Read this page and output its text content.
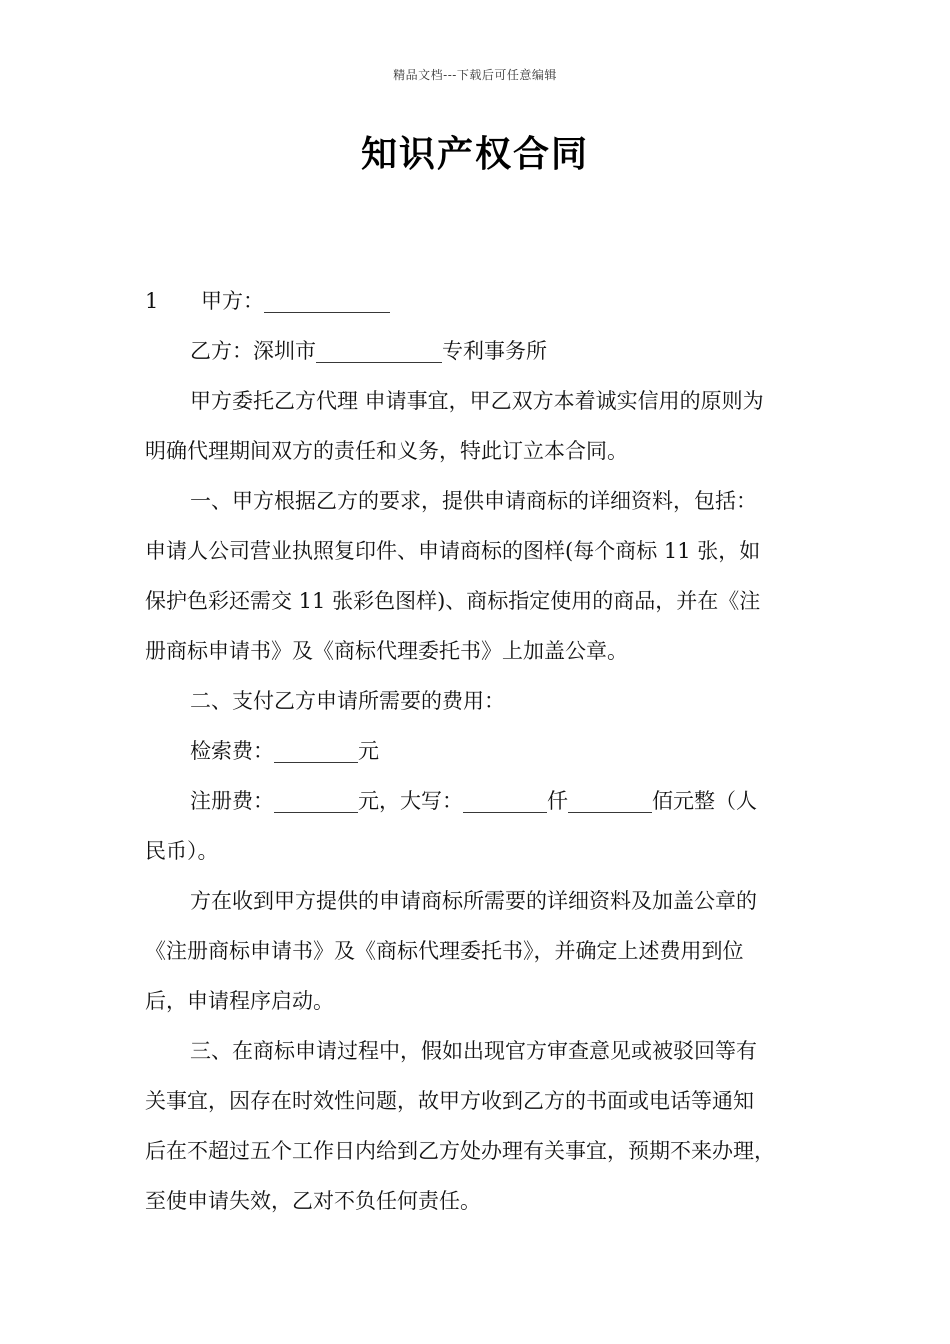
精品文档---下载后可任意编辑
知识产权合同
1 甲方：____________
乙方：深圳市____________专利事务所
甲方委托乙方代理 申请事宜，甲乙双方本着诚实信用的原则为
明确代理期间双方的责任和义务，特此订立本合同。
一、甲方根据乙方的要求，提供申请商标的详细资料，包括：
申请人公司营业执照复印件、申请商标的图样(每个商标 11 张，如
保护色彩还需交 11 张彩色图样)、商标指定使用的商品，并在《注
册商标申请书》及《商标代理委托书》上加盖公章。
二、支付乙方申请所需要的费用：
检索费：________元
注册费：________元，大写：________仟________佰元整（人
民币）。
方在收到甲方提供的申请商标所需要的详细资料及加盖公章的
《注册商标申请书》及《商标代理委托书》，并确定上述费用到位
后，申请程序启动。
三、在商标申请过程中，假如出现官方审查意见或被驳回等有
关事宜，因存在时效性问题，故甲方收到乙方的书面或电话等通知
后在不超过五个工作日内给到乙方处办理有关事宜，预期不来办理，
至使申请失效，乙对不负任何责任。
